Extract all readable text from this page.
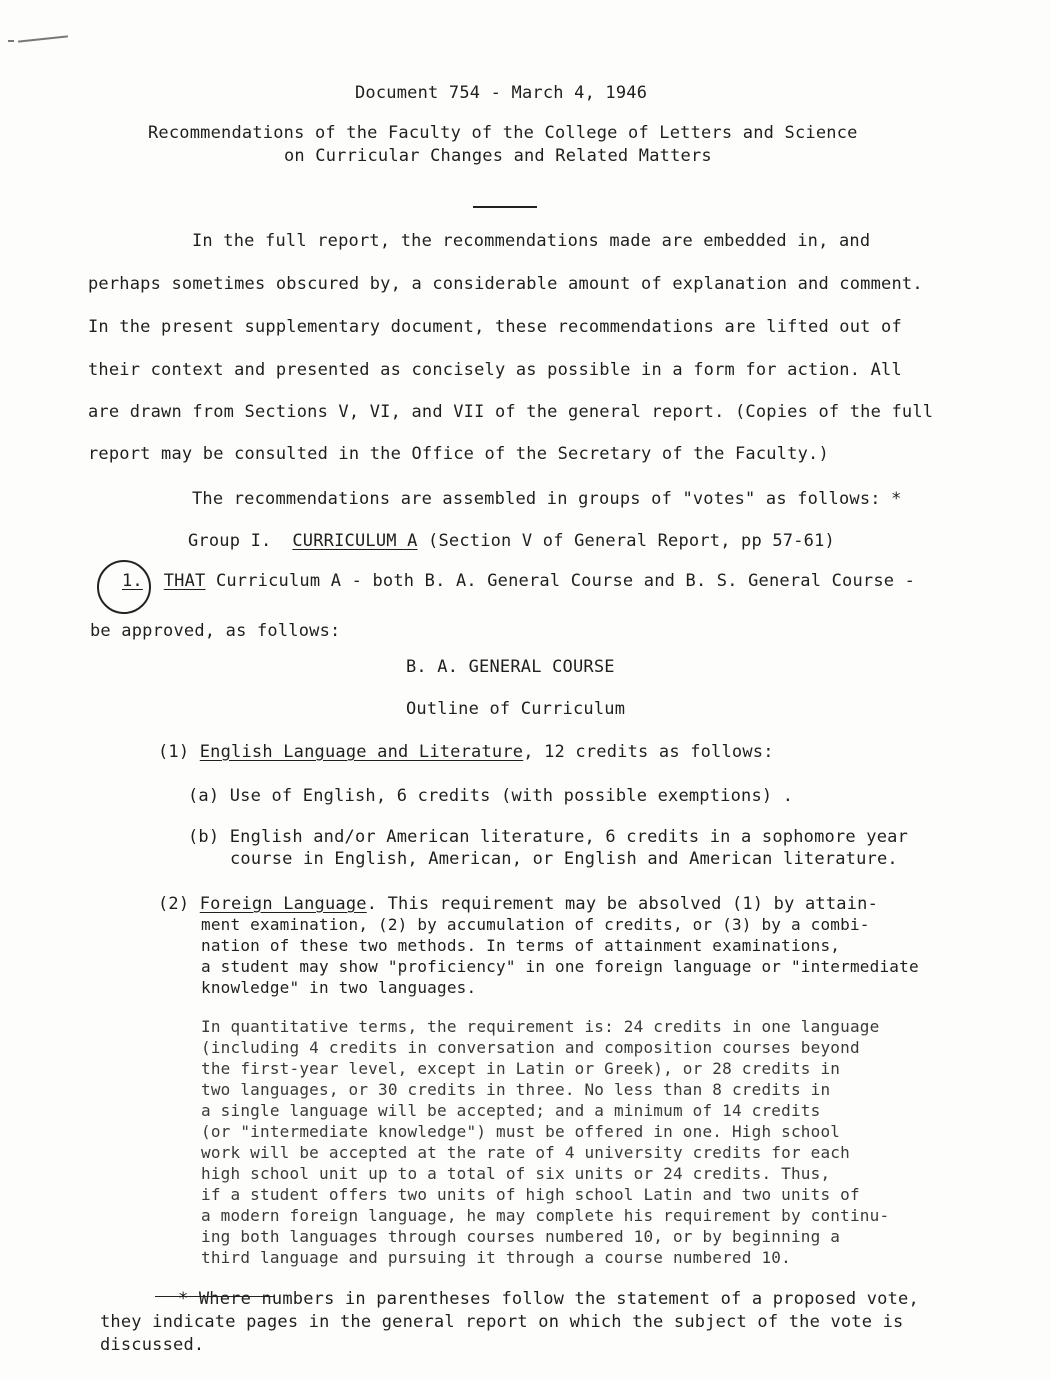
Document 754 - March 4, 1946
Recommendations of the Faculty of the College of Letters and Science
on Curricular Changes and Related Matters
In the full report, the recommendations made are embedded in, and
perhaps sometimes obscured by, a considerable amount of explanation and comment.
In the present supplementary document, these recommendations are lifted out of
their context and presented as concisely as possible in a form for action. All
are drawn from Sections V, VI, and VII of the general report. (Copies of the full
report may be consulted in the Office of the Secretary of the Faculty.)
The recommendations are assembled in groups of "votes" as follows: *
Group I. CURRICULUM A (Section V of General Report, pp 57-61)
1. THAT Curriculum A - both B. A. General Course and B. S. General Course -
be approved, as follows:
B. A. GENERAL COURSE
Outline of Curriculum
(1) English Language and Literature, 12 credits as follows:
(a) Use of English, 6 credits (with possible exemptions) .
(b) English and/or American literature, 6 credits in a sophomore year
course in English, American, or English and American literature.
(2) Foreign Language. This requirement may be absolved (1) by attain-
ment examination, (2) by accumulation of credits, or (3) by a combi-
nation of these two methods. In terms of attainment examinations,
a student may show "proficiency" in one foreign language or "intermediate
knowledge" in two languages.
In quantitative terms, the requirement is: 24 credits in one language
(including 4 credits in conversation and composition courses beyond
the first-year level, except in Latin or Greek), or 28 credits in
two languages, or 30 credits in three. No less than 8 credits in
a single language will be accepted; and a minimum of 14 credits
(or "intermediate knowledge") must be offered in one. High school
work will be accepted at the rate of 4 university credits for each
high school unit up to a total of six units or 24 credits. Thus,
if a student offers two units of high school Latin and two units of
a modern foreign language, he may complete his requirement by continu-
ing both languages through courses numbered 10, or by beginning a
third language and pursuing it through a course numbered 10.
* Where numbers in parentheses follow the statement of a proposed vote,
they indicate pages in the general report on which the subject of the vote is
discussed.
